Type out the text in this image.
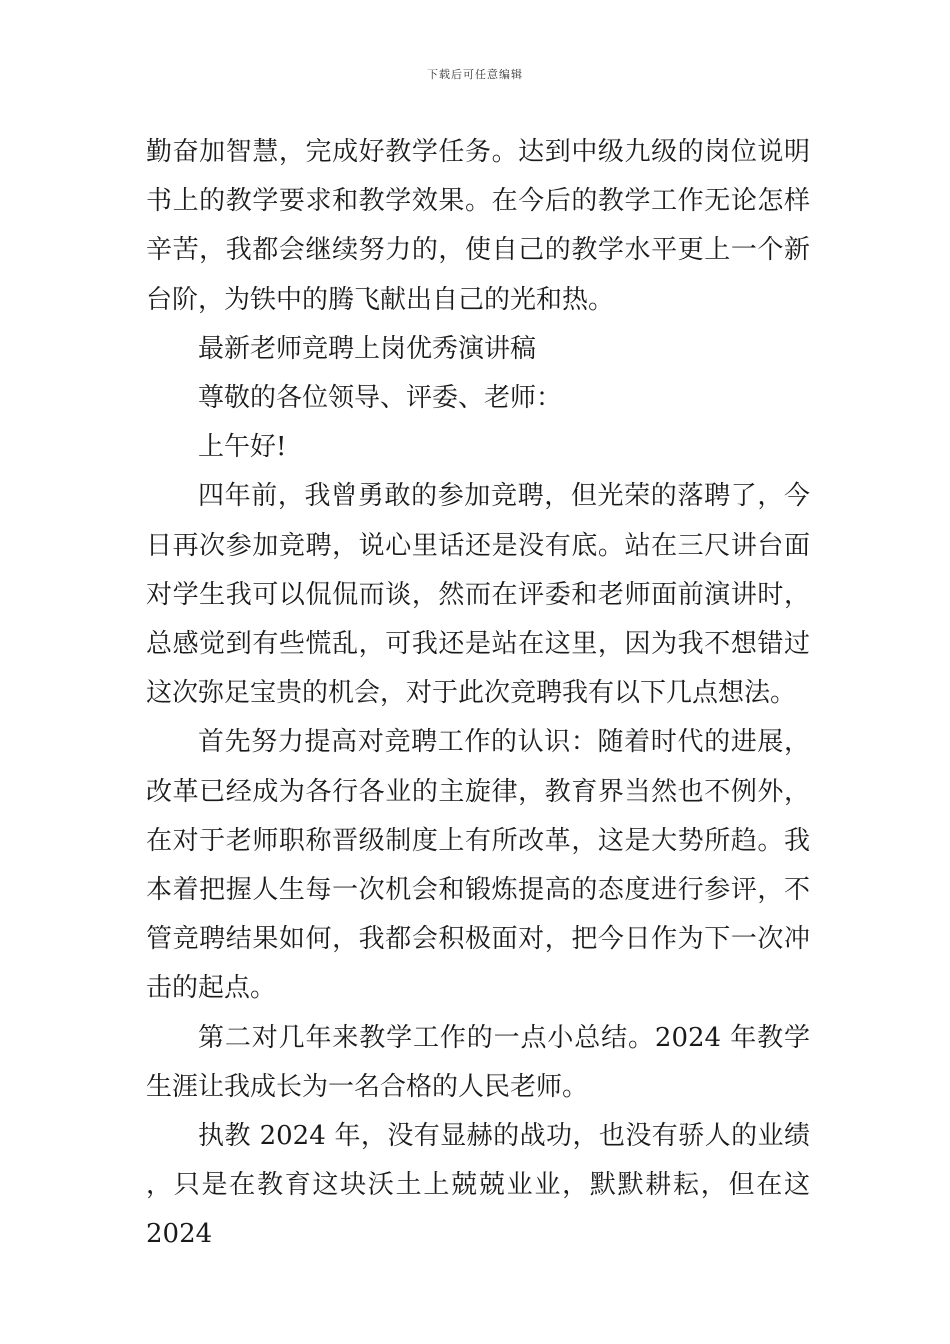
下载后可任意编辑

勤奋加智慧，完成好教学任务。达到中级九级的岗位说明书上的教学要求和教学效果。在今后的教学工作无论怎样辛苦，我都会继续努力的，使自己的教学水平更上一个新台阶，为铁中的腾飞献出自己的光和热。

最新老师竞聘上岗优秀演讲稿

尊敬的各位领导、评委、老师：

上午好!

四年前，我曾勇敢的参加竞聘，但光荣的落聘了，今日再次参加竞聘，说心里话还是没有底。站在三尺讲台面对学生我可以侃侃而谈，然而在评委和老师面前演讲时，总感觉到有些慌乱，可我还是站在这里，因为我不想错过这次弥足宝贵的机会，对于此次竞聘我有以下几点想法。

首先努力提高对竞聘工作的认识：随着时代的进展，改革已经成为各行各业的主旋律，教育界当然也不例外，在对于老师职称晋级制度上有所改革，这是大势所趋。我本着把握人生每一次机会和锻炼提高的态度进行参评，不管竞聘结果如何，我都会积极面对，把今日作为下一次冲击的起点。

第二对几年来教学工作的一点小总结。2024 年教学生涯让我成长为一名合格的人民老师。

执教 2024 年，没有显赫的战功，也没有骄人的业绩 ，只是在教育这块沃土上兢兢业业，默默耕耘，但在这 2024
